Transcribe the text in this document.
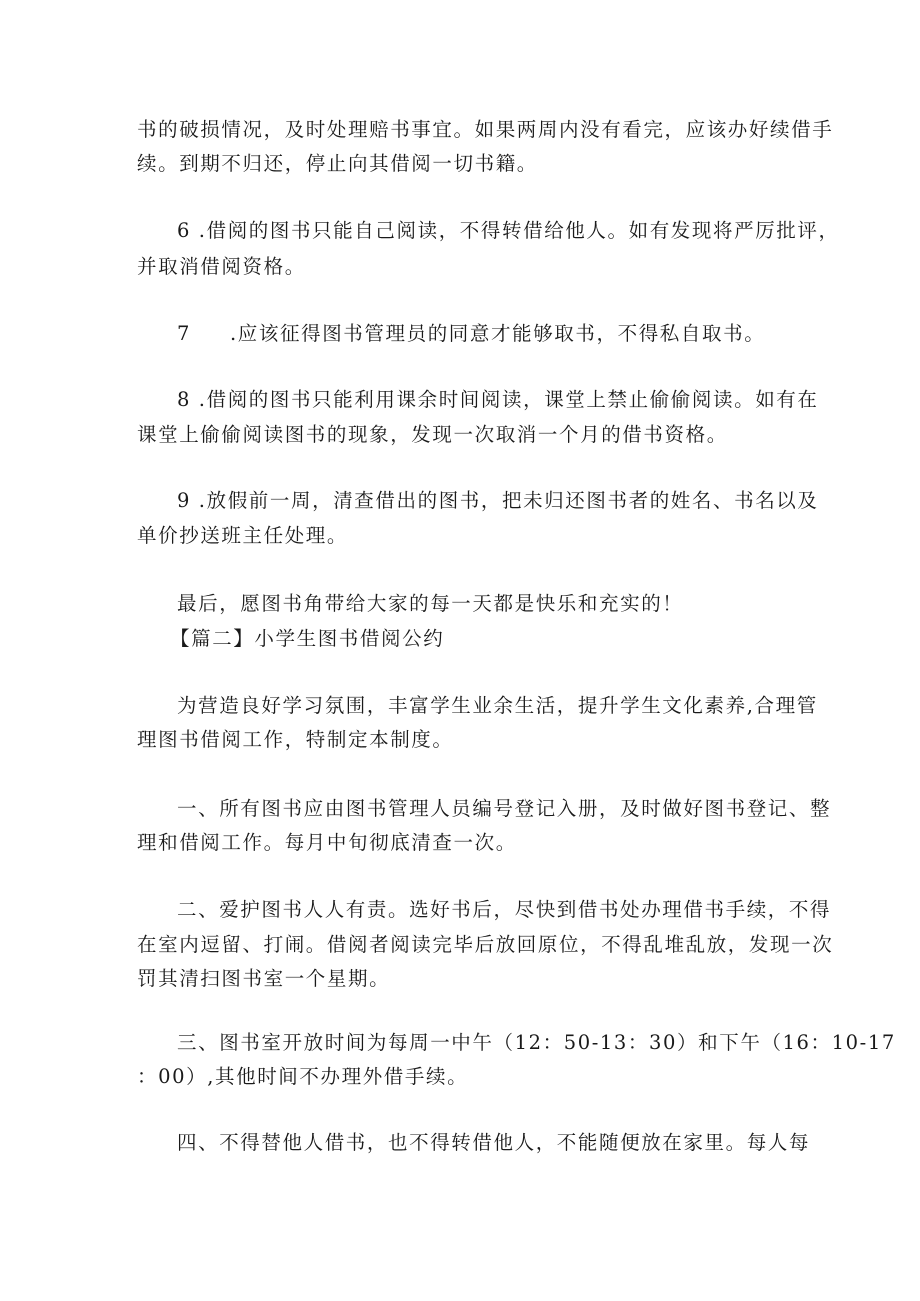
书的破损情况，及时处理赔书事宜。如果两周内没有看完，应该办好续借手
续。到期不归还，停止向其借阅一切书籍。
6 .借阅的图书只能自己阅读，不得转借给他人。如有发现将严厉批评，
并取消借阅资格。
7     .应该征得图书管理员的同意才能够取书，不得私自取书。
8 .借阅的图书只能利用课余时间阅读，课堂上禁止偷偷阅读。如有在
课堂上偷偷阅读图书的现象，发现一次取消一个月的借书资格。
9 .放假前一周，清查借出的图书，把未归还图书者的姓名、书名以及
单价抄送班主任处理。
最后，愿图书角带给大家的每一天都是快乐和充实的！
【篇二】小学生图书借阅公约
为营造良好学习氛围，丰富学生业余生活，提升学生文化素养,合理管
理图书借阅工作，特制定本制度。
一、所有图书应由图书管理人员编号登记入册，及时做好图书登记、整
理和借阅工作。每月中旬彻底清查一次。
二、爱护图书人人有责。选好书后，尽快到借书处办理借书手续，不得
在室内逗留、打闹。借阅者阅读完毕后放回原位，不得乱堆乱放，发现一次
罚其清扫图书室一个星期。
三、图书室开放时间为每周一中午（12：50-13：30）和下午（16：10-17
：00）,其他时间不办理外借手续。
四、不得替他人借书，也不得转借他人，不能随便放在家里。每人每
